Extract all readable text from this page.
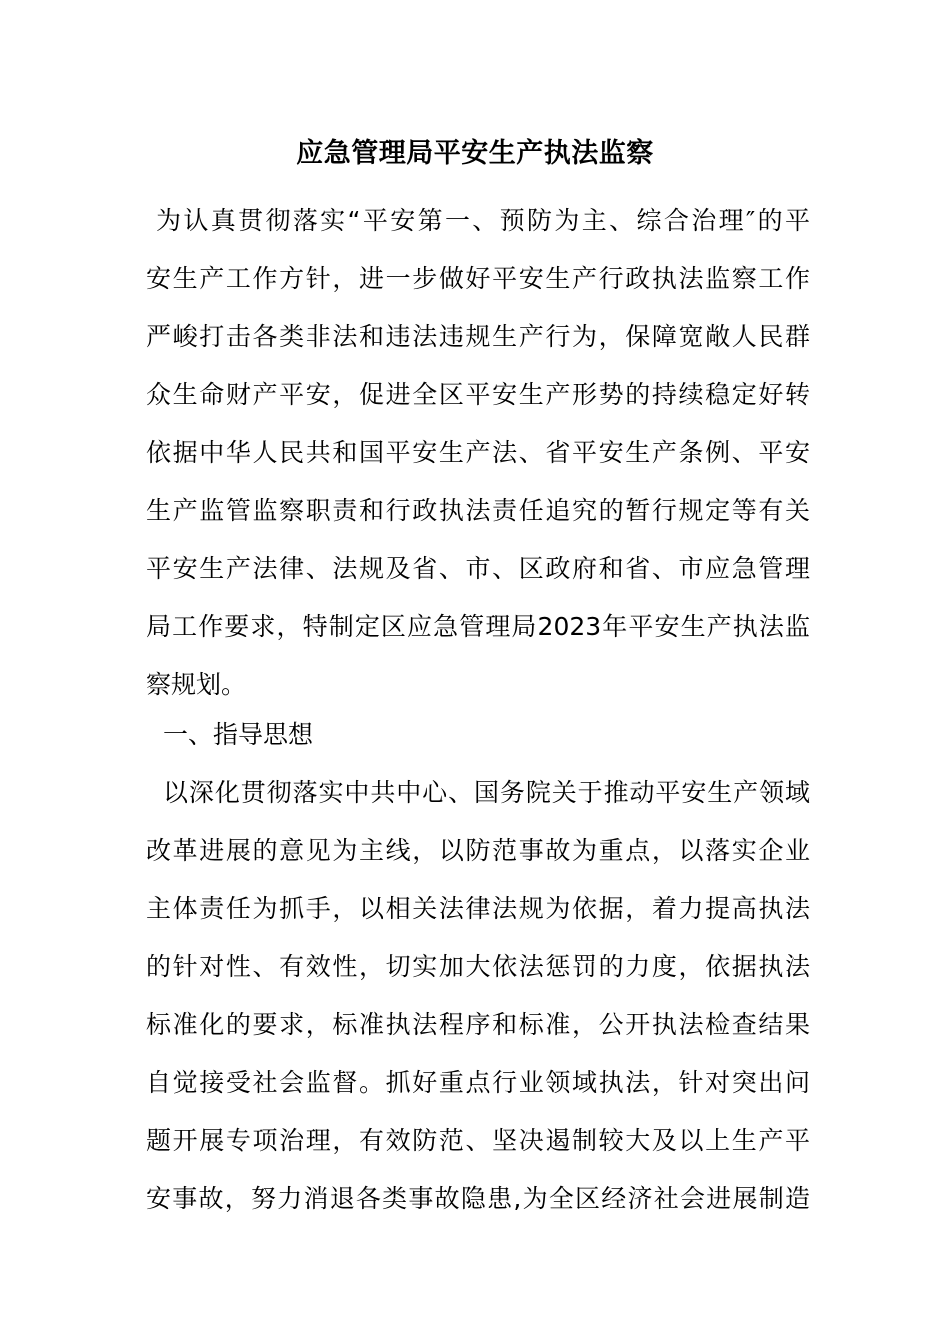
应急管理局平安生产执法监察
为认真贯彻落实“平安第一、预防为主、综合治理″的平
安生产工作方针，进一步做好平安生产行政执法监察工作
严峻打击各类非法和违法违规生产行为，保障宽敞人民群
众生命财产平安，促进全区平安生产形势的持续稳定好转
依据中华人民共和国平安生产法、省平安生产条例、平安
生产监管监察职责和行政执法责任追究的暂行规定等有关
平安生产法律、法规及省、市、区政府和省、市应急管理
局工作要求，特制定区应急管理局2023年平安生产执法监
察规划。
一、指导思想
以深化贯彻落实中共中心、国务院关于推动平安生产领域
改革进展的意见为主线，以防范事故为重点，以落实企业
主体责任为抓手，以相关法律法规为依据，着力提高执法
的针对性、有效性，切实加大依法惩罚的力度，依据执法
标准化的要求，标准执法程序和标准，公开执法检查结果
自觉接受社会监督。抓好重点行业领域执法，针对突出问
题开展专项治理，有效防范、坚决遏制较大及以上生产平
安事故，努力消退各类事故隐患,为全区经济社会进展制造
